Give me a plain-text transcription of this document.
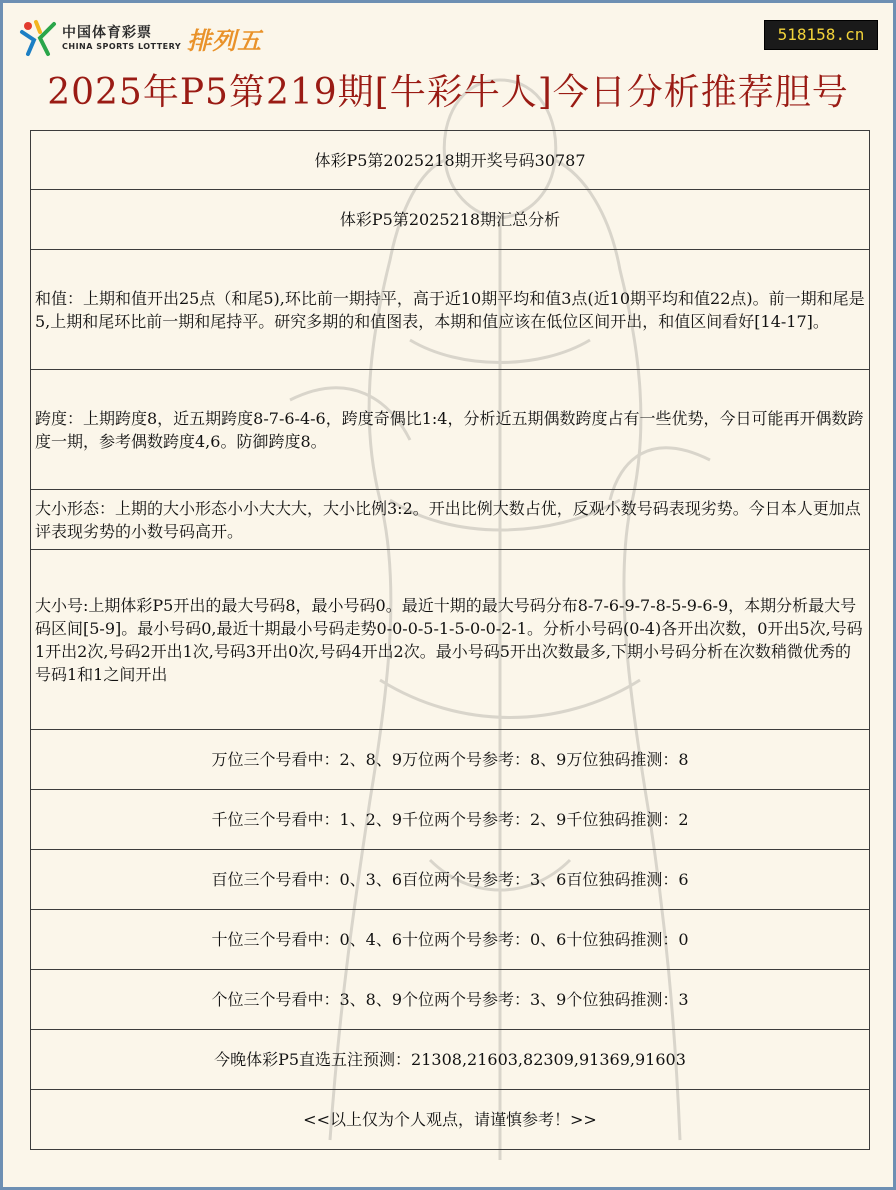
中国体育彩票
CHINA SPORTS LOTTERY 排列五	518158.cn
2025年P5第219期[牛彩牛人]今日分析推荐胆号
体彩P5第2025218期开奖号码30787
体彩P5第2025218期汇总分析
和值：上期和值开出25点（和尾5),环比前一期持平，高于近10期平均和值3点(近10期平均和值22点)。前一期和尾是5,上期和尾环比前一期和尾持平。研究多期的和值图表，本期和值应该在低位区间开出，和值区间看好[14-17]。
跨度：上期跨度8，近五期跨度8-7-6-4-6，跨度奇偶比1:4，分析近五期偶数跨度占有一些优势，今日可能再开偶数跨度一期，参考偶数跨度4,6。防御跨度8。
大小形态：上期的大小形态小小大大大，大小比例3:2。开出比例大数占优，反观小数号码表现劣势。今日本人更加点评表现劣势的小数号码高开。
大小号:上期体彩P5开出的最大号码8，最小号码0。最近十期的最大号码分布8-7-6-9-7-8-5-9-6-9，本期分析最大号码区间[5-9]。最小号码0,最近十期最小号码走势0-0-0-5-1-5-0-0-2-1。分析小号码(0-4)各开出次数，0开出5次,号码1开出2次,号码2开出1次,号码3开出0次,号码4开出2次。最小号码5开出次数最多,下期小号码分析在次数稍微优秀的号码1和1之间开出
万位三个号看中：2、8、9万位两个号参考：8、9万位独码推测：8
千位三个号看中：1、2、9千位两个号参考：2、9千位独码推测：2
百位三个号看中：0、3、6百位两个号参考：3、6百位独码推测：6
十位三个号看中：0、4、6十位两个号参考：0、6十位独码推测：0
个位三个号看中：3、8、9个位两个号参考：3、9个位独码推测：3
今晚体彩P5直选五注预测：21308,21603,82309,91369,91603
<<以上仅为个人观点，请谨慎参考！>>
